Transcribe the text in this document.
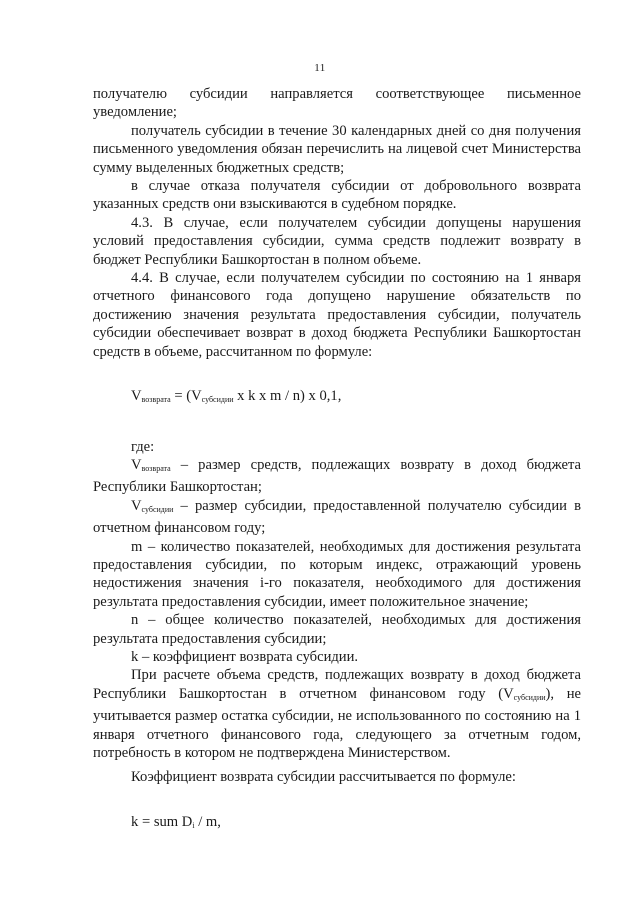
11

получателю субсидии направляется соответствующее письменное уведомление;

получатель субсидии в течение 30 календарных дней со дня получения письменного уведомления обязан перечислить на лицевой счет Министерства сумму выделенных бюджетных средств;

в случае отказа получателя субсидии от добровольного возврата указанных средств они взыскиваются в судебном порядке.

4.3. В случае, если получателем субсидии допущены нарушения условий предоставления субсидии, сумма средств подлежит возврату в бюджет Республики Башкортостан в полном объеме.

4.4. В случае, если получателем субсидии по состоянию на 1 января отчетного финансового года допущено нарушение обязательств по достижению значения результата предоставления субсидии, получатель субсидии обеспечивает возврат в доход бюджета Республики Башкортостан средств в объеме, рассчитанном по формуле:

$V_{возврата} = (V_{субсидии}$ x k x m / n) x 0,1,

где:

$V_{возврата}$ – размер средств, подлежащих возврату в доход бюджета Республики Башкортостан;

$V_{субсидии}$ – размер субсидии, предоставленной получателю субсидии в отчетном финансовом году;

m – количество показателей, необходимых для достижения результата предоставления субсидии, по которым индекс, отражающий уровень недостижения значения i-го показателя, необходимого для достижения результата предоставления субсидии, имеет положительное значение;

n – общее количество показателей, необходимых для достижения результата предоставления субсидии;

k – коэффициент возврата субсидии.

При расчете объема средств, подлежащих возврату в доход бюджета Республики Башкортостан в отчетном финансовом году $(V_{субсидии})$, не учитывается размер остатка субсидии, не использованного по состоянию на 1 января отчетного финансового года, следующего за отчетным годом, потребность в котором не подтверждена Министерством.

Коэффициент возврата субсидии рассчитывается по формуле:

k = sum $D_i$ / m,
